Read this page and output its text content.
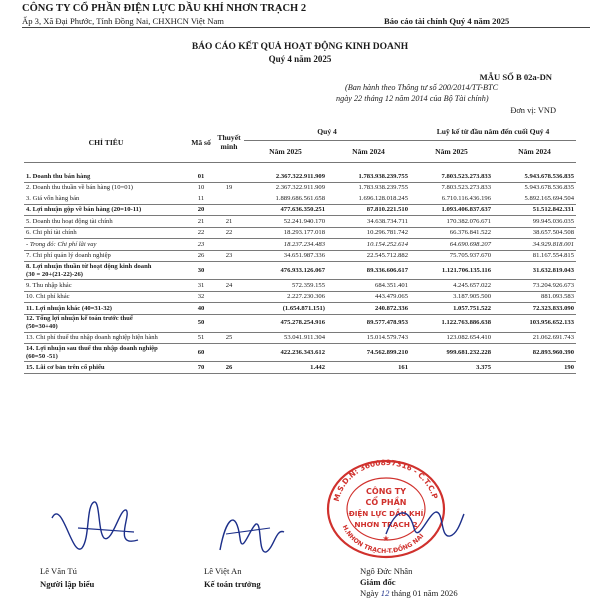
CÔNG TY CỔ PHẦN ĐIỆN LỰC DẦU KHÍ NHƠN TRẠCH 2
Ấp 3, Xã Đại Phước, Tỉnh Đồng Nai, CHXHCN Việt Nam	Báo cáo tài chính Quý 4 năm 2025
BÁO CÁO KẾT QUẢ HOẠT ĐỘNG KINH DOANH
Quý 4 năm 2025
MẪU SỐ B 02a-DN
(Ban hành theo Thông tư số 200/2014/TT-BTC
ngày 22 tháng 12 năm 2014 của Bộ Tài chính)
Đơn vị: VND
CHỈ TIÊU	Mã số	Thuyết minh	Quý 4		Luỹ kế từ đầu năm đến cuối Quý 4	
			Năm 2025	Năm 2024	Năm 2025	Năm 2024

1. Doanh thu bán hàng	01		2.367.322.911.909	1.783.938.239.755	7.803.523.273.833	5.943.678.536.835
2. Doanh thu thuần về bán hàng (10=01)	10	19	2.367.322.911.909	1.783.938.239.755	7.803.523.273.833	5.943.678.536.835
3. Giá vốn hàng bán	11		1.889.686.561.658	1.696.128.018.245	6.710.116.436.196	5.892.165.694.504
4. Lợi nhuận gộp về bán hàng (20=10-11)	20		477.636.350.251	87.810.221.510	1.093.406.837.637	51.512.842.331
5. Doanh thu hoạt động tài chính	21	21	52.241.940.170	34.638.734.711	170.382.076.671	99.945.036.035
6. Chi phí tài chính	22	22	18.293.177.018	10.296.781.742	66.376.841.522	38.657.504.508
- Trong đó: Chi phí lãi vay	23		18.237.234.483	10.154.252.614	64.690.698.207	34.929.818.001
7. Chi phí quản lý doanh nghiệp	26	23	34.651.987.336	22.545.712.882	75.705.937.670	81.167.554.815

8. Lợi nhuận thuần từ hoạt động kinh doanh
(30 = 20+(21-22)-26)	30		476.933.126.067	89.336.606.617	1.121.706.135.116	31.632.819.043
9. Thu nhập khác	31	24	572.359.155	684.351.401	4.245.657.022	73.204.926.673
10. Chi phí khác	32		2.227.230.306	443.479.065	3.187.905.500	881.093.583
11. Lợi nhuận khác (40=31-32)	40		(1.654.871.151)	240.872.336	1.057.751.522	72.323.833.090

12. Tổng lợi nhuận kế toán trước thuế
(50=30+40)	50		475.278.254.916	89.577.478.953	1.122.763.886.638	103.956.652.133
13. Chi phí thuế thu nhập doanh nghiệp hiện hành	51	25	53.041.911.304	15.014.579.743	123.082.654.410	21.062.691.743

14. Lợi nhuận sau thuế thu nhập doanh nghiệp
(60=50 -51)	60		422.236.343.612	74.562.899.210	999.681.232.228	82.893.960.390
15. Lãi cơ bản trên cổ phiếu	70	26	1.442	161	3.375	190
M.S.D.N: 3600897316 - C.T.C.P
H.NHƠN TRẠCH-T.ĐỒNG NAI
CÔNG TY
CỔ PHẦN
ĐIỆN LỰC DẦU KHÍ
NHƠN TRẠCH 2
★
Lê Văn Tú
Người lập biểu
Lê Việt An
Kế toán trưởng
Ngô Đức Nhân
Giám đốc
Ngày 12 tháng 01 năm 2026
